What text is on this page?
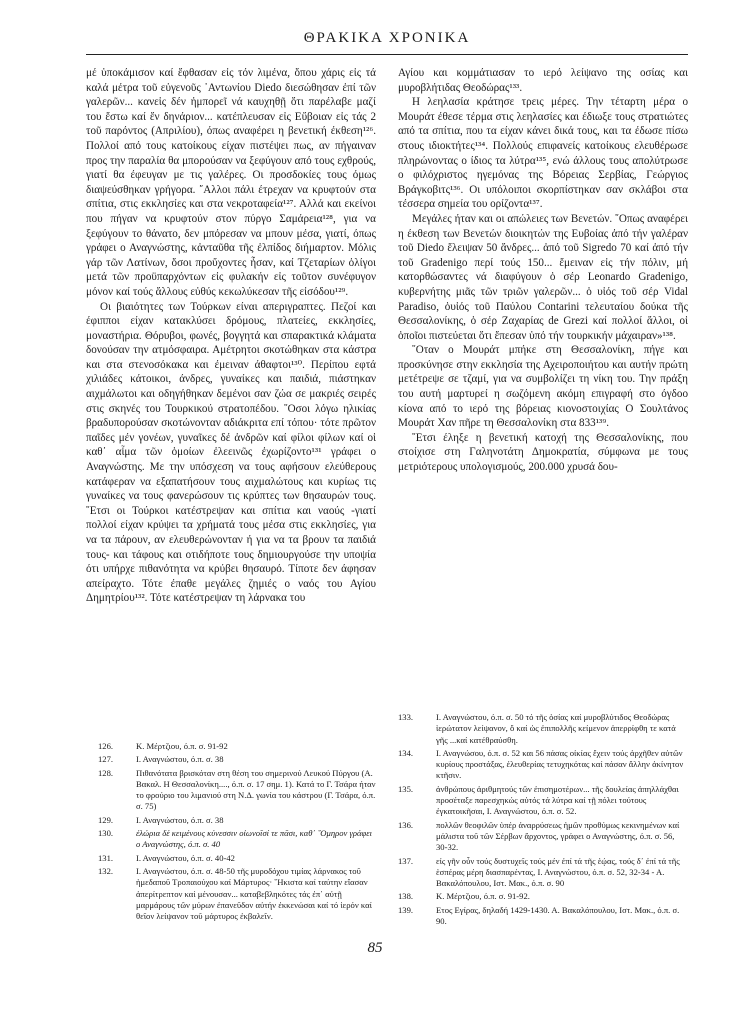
ΘΡΑΚΙΚΑ ΧΡΟΝΙΚΑ

μέ ὑποκάμισον καί ἔφθασαν εἰς τόν λιμένα, ὅπου χάρις εἰς τά καλά μέτρα τοῦ εὐγενοῦς ᾿Αντωνίου Diedo διεσώθησαν ἐπί τῶν γαλερῶν... κανεἱς δέν ἠμπορεῖ νά καυχηθῇ ὅτι παρέλαβε μαζί του ἔστω καί ἕν δηνάριον... κατέπλευσαν εἰς Εὔβοιαν εἰς τάς 2 τοῦ παρόντος (Απριλίου), όπως αναφέρει η βενετική έκθεση¹²⁶. Πολλοί από τους κατοίκους είχαν πιστέψει πως, αν πήγαιναν προς την παραλία θα μπορούσαν να ξεφύγουν από τους εχθρούς, γιατί θα έφευγαν με τις γαλέρες. Οι προσδοκίες τους όμως διαψεύσθηκαν γρήγορα. ῎Αλλοι πάλι έτρεχαν να κρυφτούν στα σπίτια, στις εκκλησίες και στα νεκροταφεία¹²⁷. Αλλά και εκείνοι που πήγαν να κρυφτούν στον πύργο Σαμάρεια¹²⁸, για να ξεφύγουν το θάνατο, δεν μπόρεσαν να μπουν μέσα, γιατί, όπως γράφει ο Αναγνώστης, κἀνταῦθα τῆς ἐλπίδος διήμαρτον. Μόλις γάρ τῶν Λατίνων, ὅσοι προὔχοντες ἦσαν, καί Τζεταρίων ὀλίγοι μετά τῶν προϋπαρχόντων εἰς φυλακήν εἰς τοῦτον συνέφυγον μόνον καί τούς ἄλλους εὐθύς κεκωλύκεσαν τῆς εἰσόδου¹²⁹.

Οι βιαιότητες των Τούρκων είναι απεριγραπτες. Πεζοί και έφιπποι είχαν κατακλύσει δρόμους, πλατείες, εκκλησίες, μοναστήρια. Θόρυβοι, φωνές, βογγητά και σπαρακτικά κλάματα δονούσαν την ατμόσφαιρα. Αμέτρητοι σκοτώθηκαν στα κάστρα και στα στενοσόκακα και έμειναν άθαφτοι¹³⁰. Περίπου εφτά χιλιάδες κάτοικοι, άνδρες, γυναίκες και παιδιά, πιάστηκαν αιχμάλωτοι και οδηγήθηκαν δεμένοι σαν ζώα σε μακριές σειρές στις σκηνές του Τουρκικού στρατοπέδου. ῞Οσοι λόγω ηλικίας βραδυπορούσαν σκοτώνονταν αδιάκριτα επί τόπου· τότε πρῶτον παῖδες μέν γονέων, γυναῖκες δέ ἀνδρῶν καί φίλοι φίλων καί οἱ καθ᾿ αἷμα τῶν ὁμοίων ἐλεεινῶς ἐχωρίζοντο¹³¹ γράφει ο Αναγνώστης. Με την υπόσχεση να τους αφήσουν ελεύθερους κατάφεραν να εξαπατήσουν τους αιχμαλώτους και κυρίως τις γυναίκες να τους φανερώσουν τις κρύπτες των θησαυρών τους. ῞Ετσι οι Τούρκοι κατέστρεψαν και σπίτια και ναούς -γιατί πολλοί είχαν κρύψει τα χρήματά τους μέσα στις εκκλησίες, για να τα πάρουν, αν ελευθερώνονταν ή για να τα βρουν τα παιδιά τους- και τάφους και οτιδήποτε τους δημιουργούσε την υποψία ότι υπήρχε πιθανότητα να κρύβει θησαυρό. Τίποτε δεν άφησαν απείραχτο. Τότε έπαθε μεγάλες ζημιές ο ναός του Αγίου Δημητρίου¹³². Τότε κατέστρεψαν τη λάρνακα του

Αγίου και κομμάτιασαν το ιερό λείψανο της οσίας και μυροβλήτιδας Θεοδώρας¹³³.

Η λεηλασία κράτησε τρεις μέρες. Την τέταρτη μέρα ο Μουράτ έθεσε τέρμα στις λεηλασίες και έδιωξε τους στρατιώτες από τα σπίτια, που τα είχαν κάνει δικά τους, και τα έδωσε πίσω στους ιδιοκτήτες¹³⁴. Πολλούς επιφανείς κατοίκους ελευθέρωσε πληρώνοντας ο ίδιος τα λύτρα¹³⁵, ενώ άλλους τους απολύτρωσε ο φιλόχριστος ηγεμόνας της Βόρειας Σερβίας, Γεώργιος Βράγκοβιτς¹³⁶. Οι υπόλοιποι σκορπίστηκαν σαν σκλάβοι στα τέσσερα σημεία του ορίζοντα¹³⁷.

Μεγάλες ήταν και οι απώλειες των Βενετών. ῞Οπως αναφέρει η έκθεση των Βενετών διοικητών της Ευβοίας ἀπό τήν γαλέραν τοῦ Diedo ἔλειψαν 50 ἄνδρες... ἀπό τοῦ Sigredo 70 καί ἀπό τήν τοῦ Gradenigo περί τούς 150... ἔμειναν εἰς τήν πόλιν, μή κατορθώσαντες νά διαφύγουν ὁ σέρ Leonardo Gradenigo, κυβερνήτης μιᾶς τῶν τριῶν γαλερῶν... ὁ υἱός τοῦ σέρ Vidal Paradiso, ὁυἱός τοῦ Παύλου Contarini τελευταίου δούκα τῆς Θεσσαλονίκης, ὁ σέρ Ζαχαρίας de Grezi καί πολλοί ἄλλοι, οἱ ὁποῖοι πιστεύεται ὅτι ἔπεσαν ὑπό τήν τουρκικήν μάχαιραν»¹³⁸.

῞Οταν ο Μουράτ μπήκε στη Θεσσαλονίκη, πήγε και προσκύνησε στην εκκλησία της Αχειροποιήτου και αυτήν πρώτη μετέτρεψε σε τζαμί, για να συμβολίζει τη νίκη του. Την πράξη του αυτή μαρτυρεί η σωζόμενη ακόμη επιγραφή στο όγδοο κίονα από το ιερό της βόρειας κιονοστοιχίας Ο Σουλτάνος Μουράτ Χαν πῆρε τη Θεσσαλονίκη στα 833¹³⁹.

῞Ετσι έληξε η βενετική κατοχή της Θεσσαλονίκης, που στοίχισε στη Γαληνοτάτη Δημοκρατία, σύμφωνα με τους μετριότερους υπολογισμούς, 200.000 χρυσά δου-

126.	Κ. Μέρτζιου, ό.π. σ. 91-92
127.	Ι. Αναγνώστου, ό.π. σ. 38
128.	Πιθανότατα βρισκόταν στη θέση του σημερινού Λευκού Πύργου (Α. Βακαλ. Η Θεσσαλονίκη...., ό.π. σ. 17 σημ. 1). Κατά το Γ. Τσάρα ήταν το φρούριο του λιμανιού στη Ν.Δ. γωνία του κάστρου (Γ. Τσάρα, ό.π. σ. 75)
129.	Ι. Αναγνώστου, ό.π. σ. 38
130.	ἐλώρια δέ κειμένους κύνεσσιν οἰωνοῖσί τε πᾶσι, καθ᾿ ῞Ομηρον γράφει ο Αναγνώστης, ό.π. σ. 40
131.	Ι. Αναγνώστου, ό.π. σ. 40-42
132.	Ι. Αναγνώστου, ό.π. σ. 48-50 τῆς μυροδόχου τιμίας λάρνακος τοῦ ἡμεδαποῦ Τροπαιούχου καί Μάρτυρος· ῞Ηκιστα καί ταύτην εἴασαν ἀπερίτρεπτον καί μένουσαν... καταβεβληκότες τάς ἐπ᾿ αὐτῇ μαρμάρους τῶν μύρων ἐπανεῦδον αὐτήν ἐκκενώσαι καί τό ἱερόν καί θεῖον λείψανον τοῦ μάρτυρος ἐκβαλεῖν.
133.	Ι. Αναγνώστου, ό.π. σ. 50 τό τῆς ὁσίας καί μυροβλύτιδος Θεοδώρας ἱερώτατον λείψανον, ὅ καί ὡς ἐπιπολλῆς κείμενον ἀπερρίφθη τε κατά γῆς ...καί κατέθραύσθη.
134.	Ι. Αναγνώσου, ό.π. σ. 52 και 56 πάσας οἰκίας ἔχειν τούς ἀρχῆθεν αὐτῶν κυρίους προστάξας, ἐλευθερίας τετυχηκότας καί πάσαν ἄλλην ἀκίνητον κτῆσιν.
135.	ἀνθρώπους ἀριθμητούς τῶν ἐπισημοτέρων... τῆς δουλείας ἀπηλλάχθαι προσέταξε παρεσχηκώς αὐτός τά λύτρα καί τῇ πόλει τούτους ἐγκατοικῆσαι, Ι. Αναγνώστου, ό.π. σ. 52.
136.	πολλῶν θεοφιλῶν ὑπέρ ἀναρρύσεως ἡμῶν προθύμως κεκινημένων καί μάλιστα τοῦ τῶν Σέρβων ἄρχοντος, γράφει ο Αναγνώστης, ό.π. σ. 56, 30-32.
137.	εἰς γῆν οὖν τούς δυστυχεῖς τούς μέν ἐπί τά τῆς ἑῴας, τούς δ᾿ ἐπί τά τῆς ἑσπέρας μέρη διασπαρέντας, Ι. Αναγνώστου, ό.π. σ. 52, 32-34 - Α. Βακαλόπουλου, Ιστ. Μακ., ό.π. σ. 90
138.	Κ. Μέρτζιου, ό.π. σ. 91-92.
139.	Ετος Εγίρας, δηλαδή 1429-1430. Α. Βακαλόπουλου, Ιστ. Μακ., ό.π. σ. 90.
85
